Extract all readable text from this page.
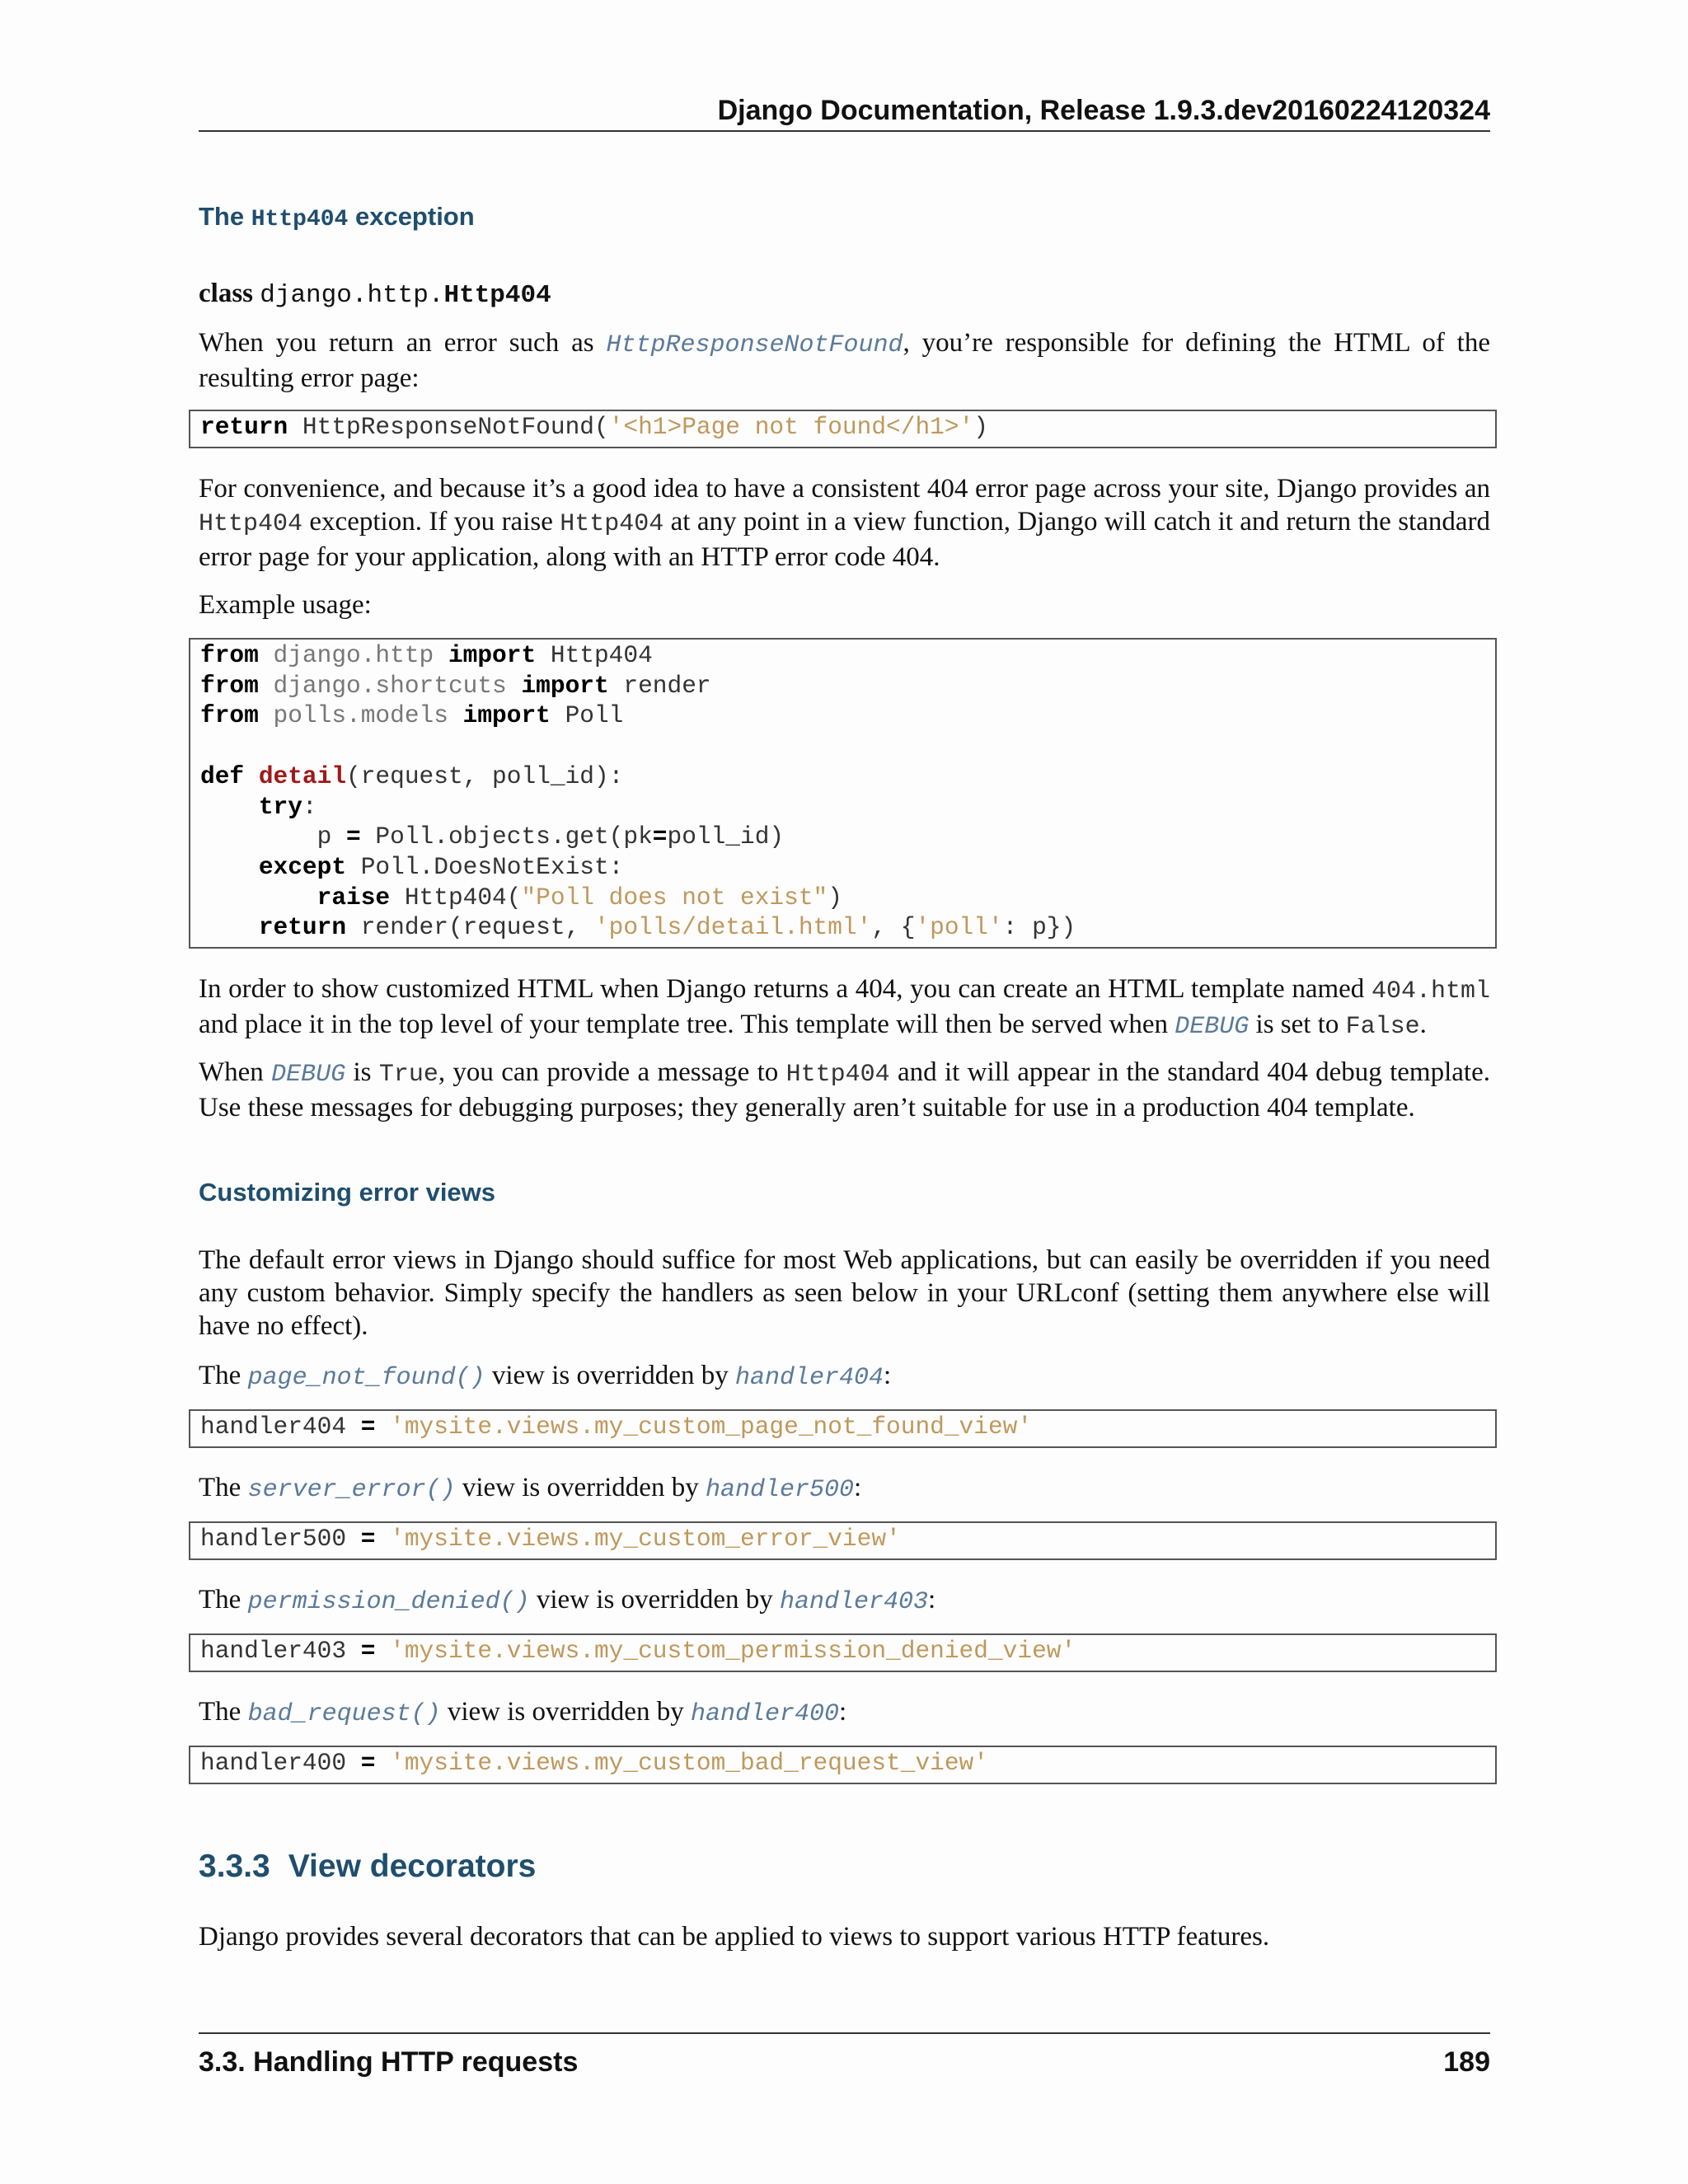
Django Documentation, Release 1.9.3.dev20160224120324
The Http404 exception
class django.http.Http404

When you return an error such as HttpResponseNotFound, you’re responsible for defining the HTML of the resulting error page:

return HttpResponseNotFound('<h1>Page not found</h1>')

For convenience, and because it’s a good idea to have a consistent 404 error page across your site, Django provides an Http404 exception. If you raise Http404 at any point in a view function, Django will catch it and return the standard error page for your application, along with an HTTP error code 404.

Example usage:

from django.http import Http404
from django.shortcuts import render
from polls.models import Poll

def detail(request, poll_id):
try:
p = Poll.objects.get(pk=poll_id)
except Poll.DoesNotExist:
raise Http404("Poll does not exist")
return render(request, 'polls/detail.html', {'poll': p})

In order to show customized HTML when Django returns a 404, you can create an HTML template named 404.html and place it in the top level of your template tree. This template will then be served when DEBUG is set to False.

When DEBUG is True, you can provide a message to Http404 and it will appear in the standard 404 debug template. Use these messages for debugging purposes; they generally aren’t suitable for use in a production 404 template.

Customizing error views

The default error views in Django should suffice for most Web applications, but can easily be overridden if you need any custom behavior. Simply specify the handlers as seen below in your URLconf (setting them anywhere else will have no effect).

The page_not_found() view is overridden by handler404:

handler404 = 'mysite.views.my_custom_page_not_found_view'

The server_error() view is overridden by handler500:

handler500 = 'mysite.views.my_custom_error_view'

The permission_denied() view is overridden by handler403:

handler403 = 'mysite.views.my_custom_permission_denied_view'

The bad_request() view is overridden by handler400:

handler400 = 'mysite.views.my_custom_bad_request_view'
3.3.3 View decorators

Django provides several decorators that can be applied to views to support various HTTP features.

3.3. Handling HTTP requests	189
